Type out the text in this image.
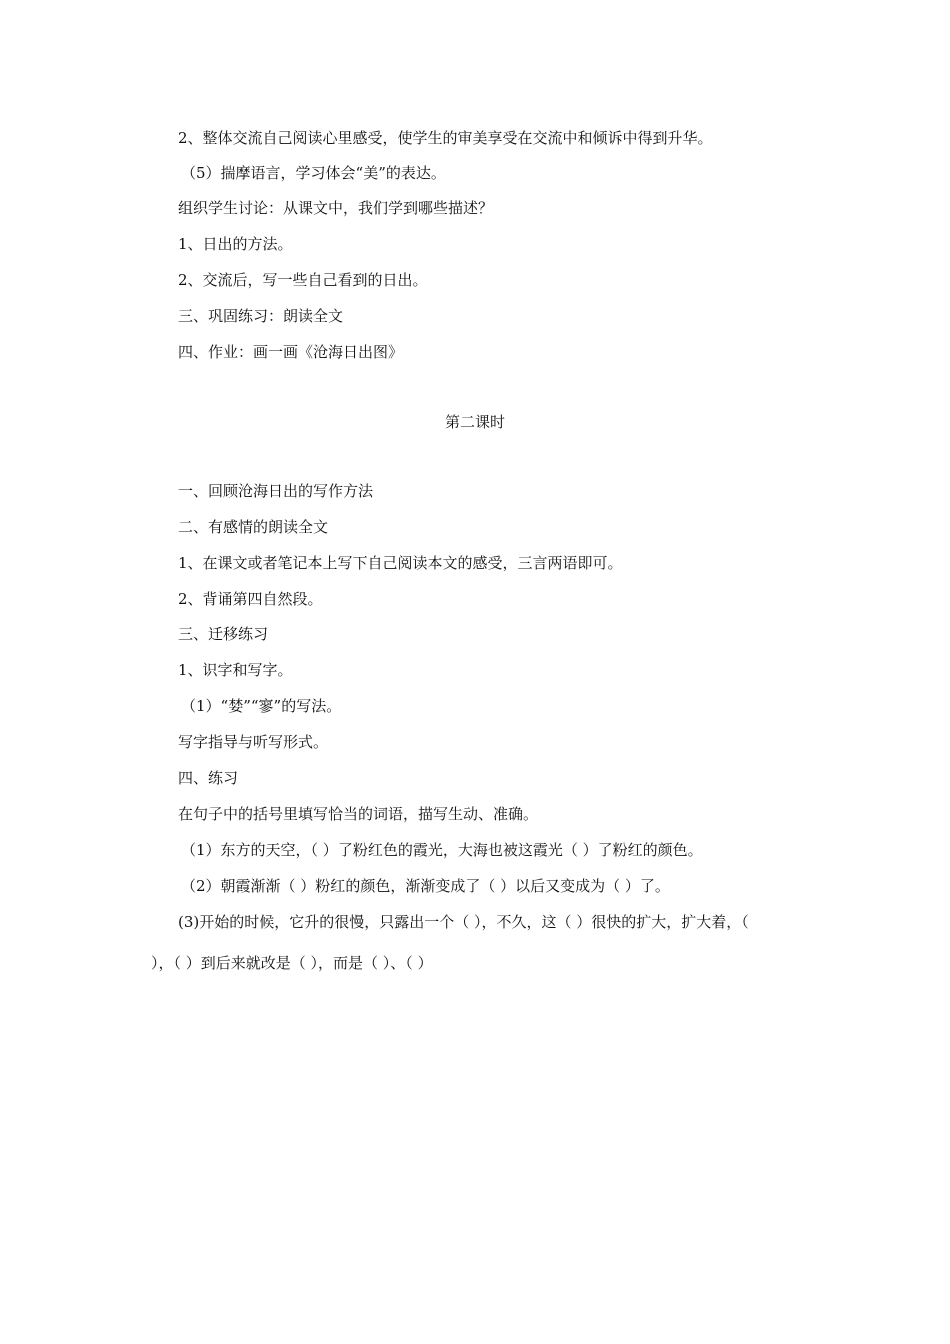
2、整体交流自己阅读心里感受，使学生的审美享受在交流中和倾诉中得到升华。
（5）揣摩语言，学习体会“美”的表达。
组织学生讨论：从课文中，我们学到哪些描述？
1、日出的方法。
2、交流后，写一些自己看到的日出。
三、巩固练习：朗读全文
四、作业：画一画《沧海日出图》
第二课时
一、回顾沧海日出的写作方法
二、有感情的朗读全文
1、在课文或者笔记本上写下自己阅读本文的感受，三言两语即可。
2、背诵第四自然段。
三、迁移练习
1、识字和写字。
（1）“婪”“寥”的写法。
写字指导与听写形式。
四、练习
在句子中的括号里填写恰当的词语，描写生动、准确。
（1）东方的天空，（ ）了粉红色的霞光，大海也被这霞光（ ）了粉红的颜色。
（2）朝霞渐渐（ ）粉红的颜色，渐渐变成了（ ）以后又变成为（ ）了。
(3)开始的时候，它升的很慢，只露出一个（ ），不久，这（ ）很快的扩大，扩大着，（
），（ ）到后来就改是（ ），而是（ ）、（ ）
